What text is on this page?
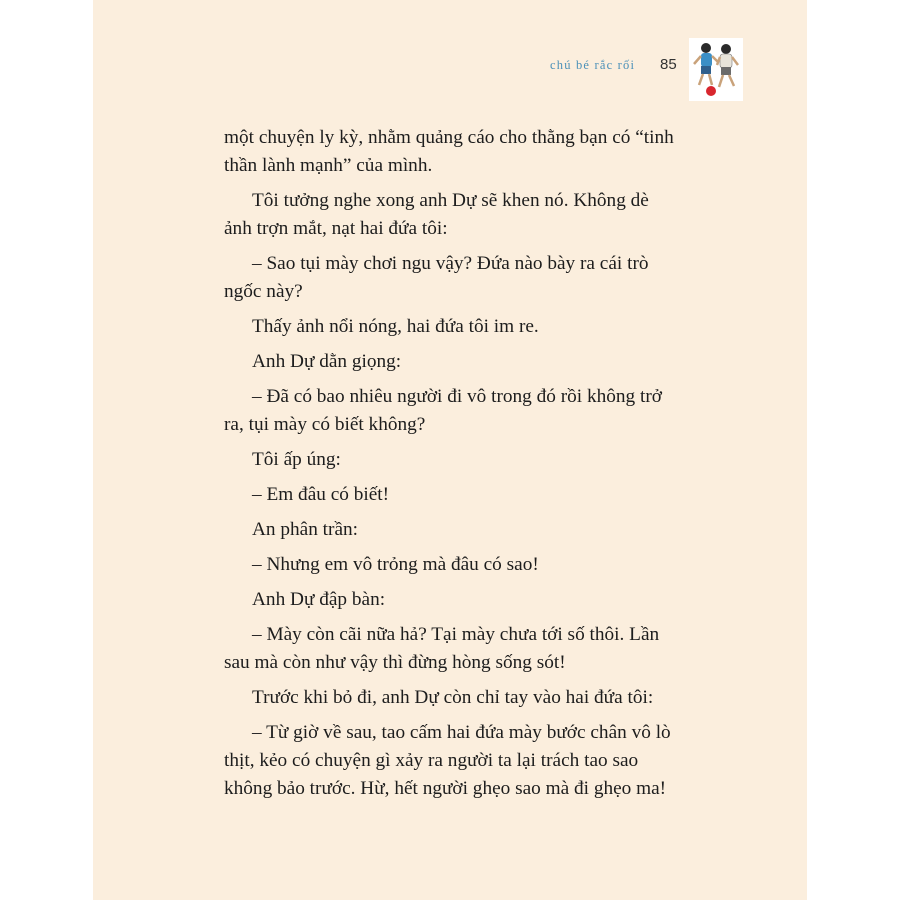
chú bé rắc rối 85

một chuyện ly kỳ, nhằm quảng cáo cho thằng bạn có “tinh thần lành mạnh” của mình.

Tôi tưởng nghe xong anh Dự sẽ khen nó. Không dè ảnh trợn mắt, nạt hai đứa tôi:

– Sao tụi mày chơi ngu vậy? Đứa nào bày ra cái trò ngốc này?

Thấy ảnh nổi nóng, hai đứa tôi im re.

Anh Dự dằn giọng:

– Đã có bao nhiêu người đi vô trong đó rồi không trở ra, tụi mày có biết không?

Tôi ấp úng:

– Em đâu có biết!

An phân trần:

– Nhưng em vô trỏng mà đâu có sao!

Anh Dự đập bàn:

– Mày còn cãi nữa hả? Tại mày chưa tới số thôi. Lần sau mà còn như vậy thì đừng hòng sống sót!

Trước khi bỏ đi, anh Dự còn chỉ tay vào hai đứa tôi:

– Từ giờ về sau, tao cấm hai đứa mày bước chân vô lò thịt, kẻo có chuyện gì xảy ra người ta lại trách tao sao không bảo trước. Hừ, hết người ghẹo sao mà đi ghẹo ma!
